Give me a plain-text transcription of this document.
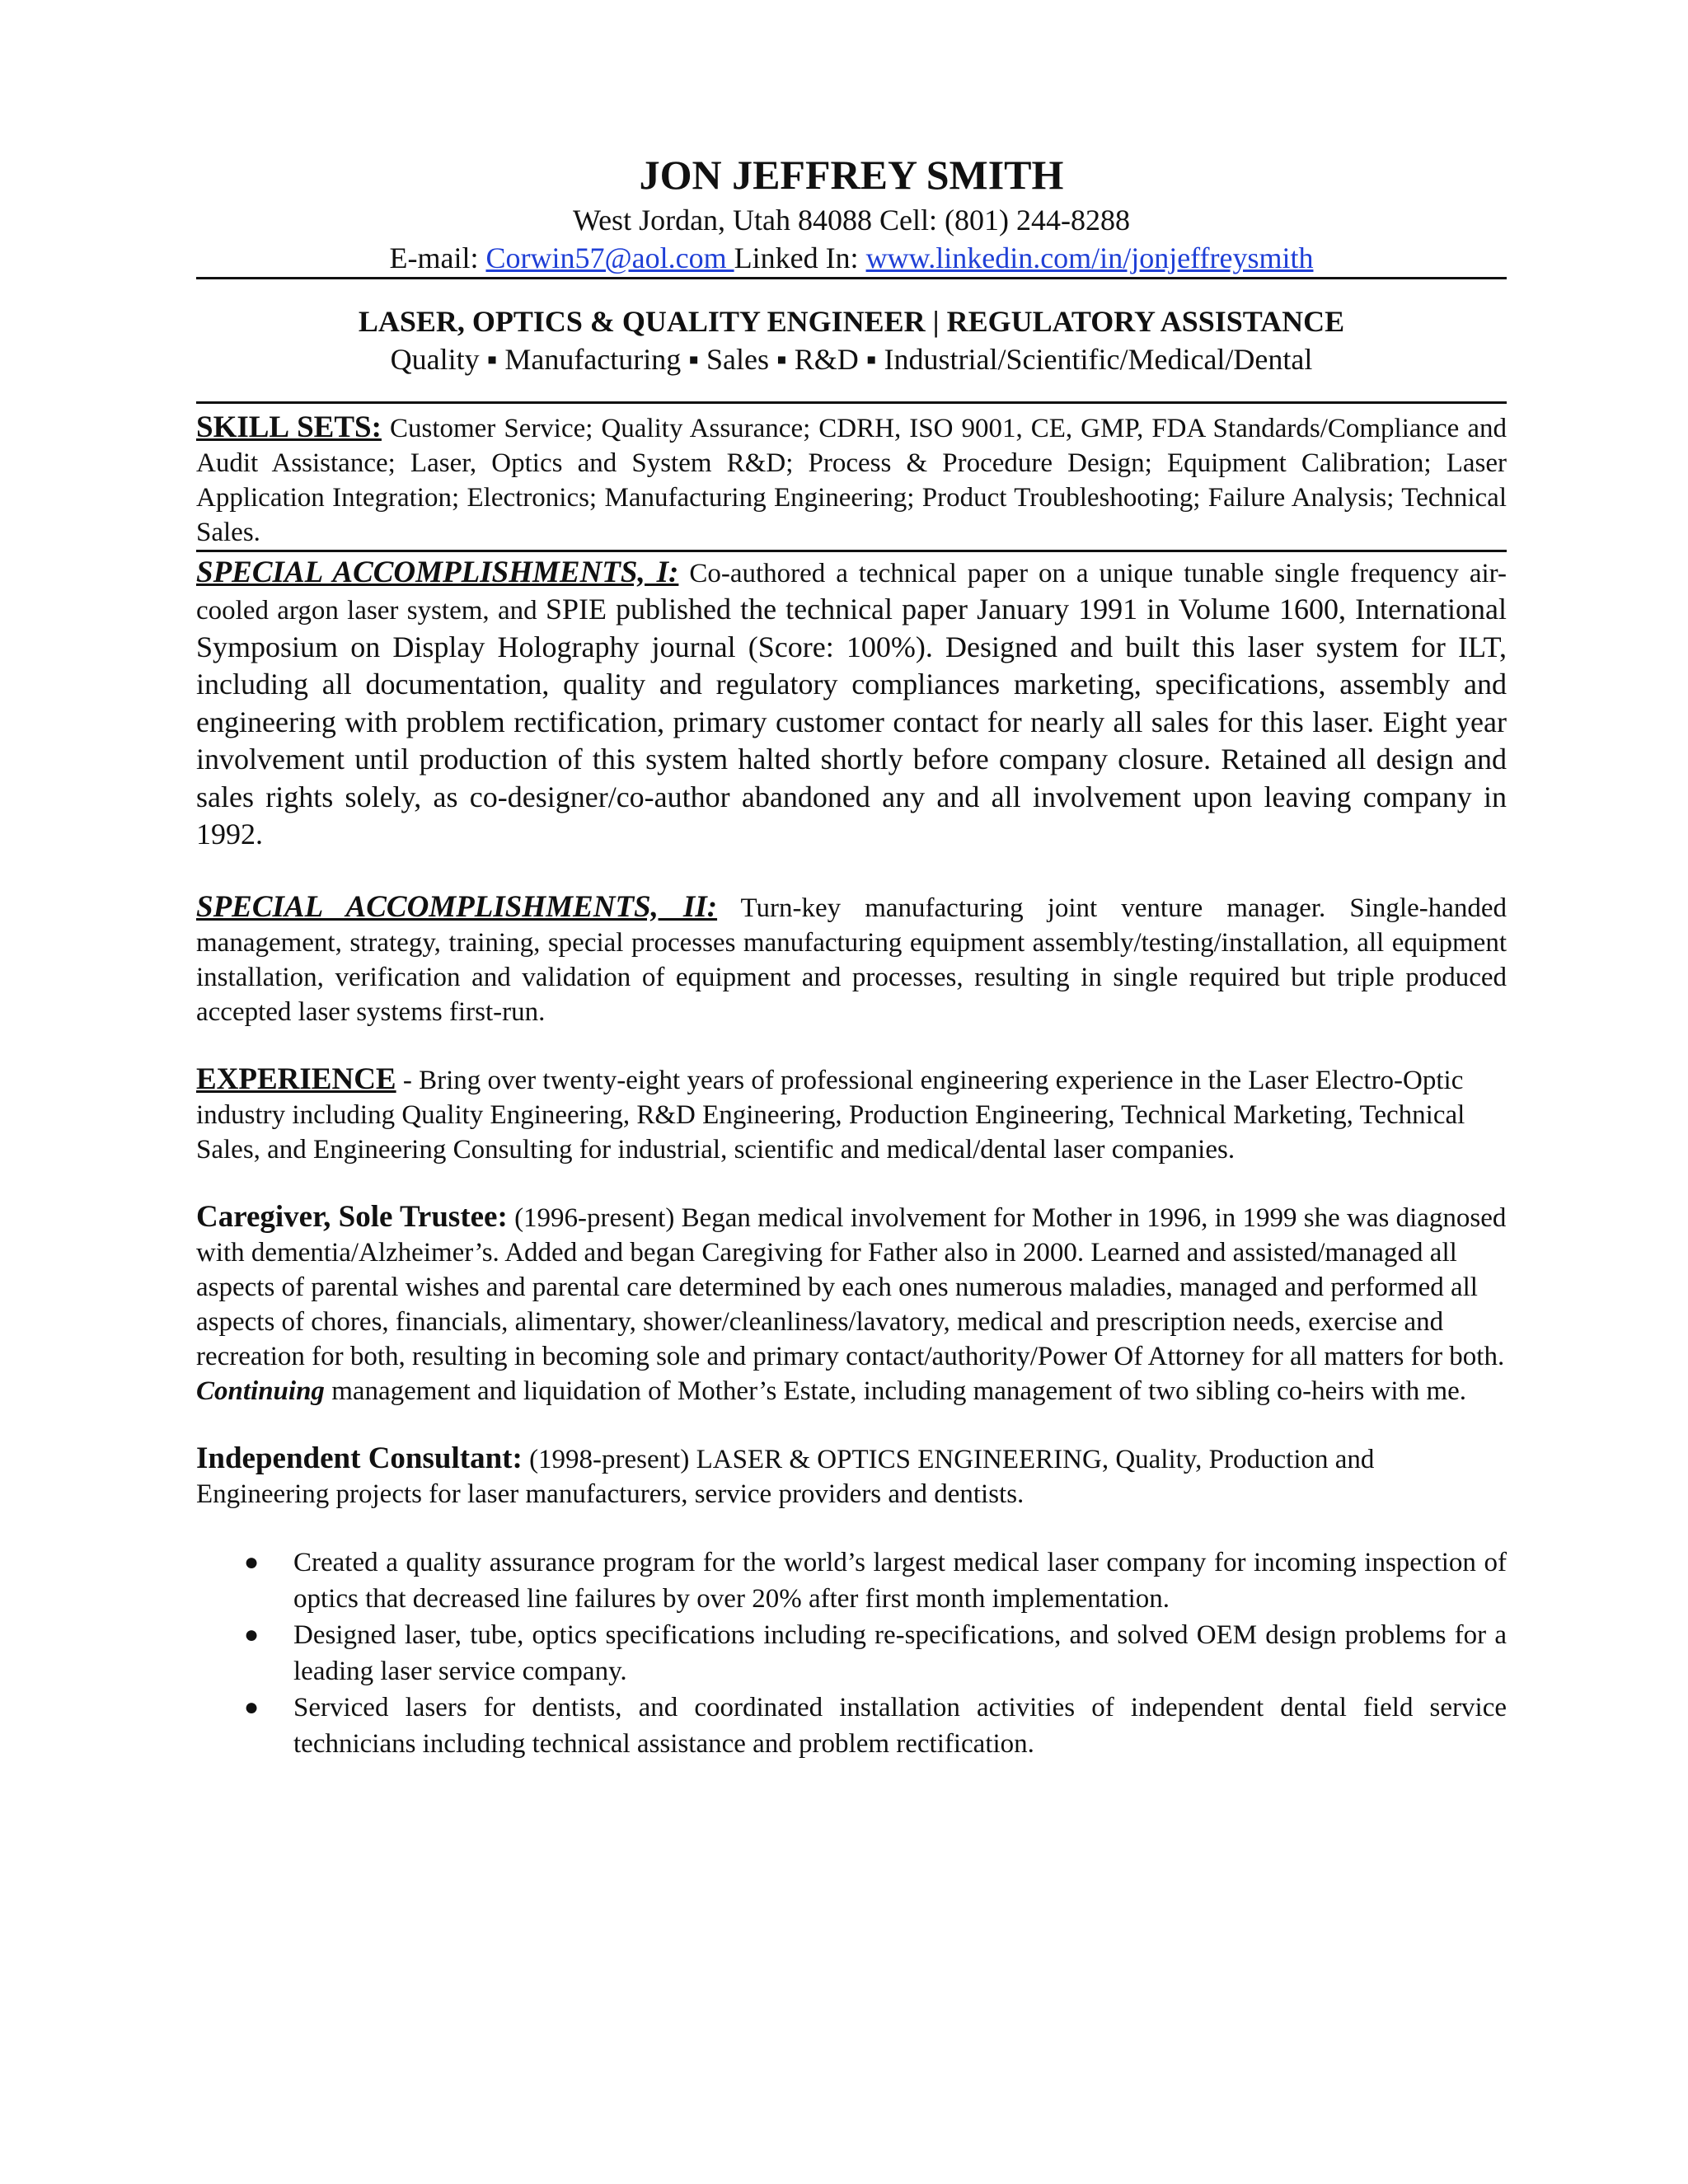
JON JEFFREY SMITH
West Jordan, Utah 84088 Cell: (801) 244-8288
E-mail: Corwin57@aol.com Linked In: www.linkedin.com/in/jonjeffreysmith
LASER, OPTICS & QUALITY ENGINEER | REGULATORY ASSISTANCE
Quality ▪ Manufacturing ▪ Sales ▪ R&D ▪ Industrial/Scientific/Medical/Dental

SKILL SETS: Customer Service; Quality Assurance; CDRH, ISO 9001, CE, GMP, FDA Standards/Compliance and Audit Assistance; Laser, Optics and System R&D; Process & Procedure Design; Equipment Calibration; Laser Application Integration; Electronics; Manufacturing Engineering; Product Troubleshooting; Failure Analysis; Technical Sales.

SPECIAL ACCOMPLISHMENTS, I: Co-authored a technical paper on a unique tunable single frequency air-cooled argon laser system, and SPIE published the technical paper January 1991 in Volume 1600, International Symposium on Display Holography journal (Score: 100%). Designed and built this laser system for ILT, including all documentation, quality and regulatory compliances marketing, specifications, assembly and engineering with problem rectification, primary customer contact for nearly all sales for this laser. Eight year involvement until production of this system halted shortly before company closure. Retained all design and sales rights solely, as co-designer/co-author abandoned any and all involvement upon leaving company in 1992.

SPECIAL ACCOMPLISHMENTS, II: Turn-key manufacturing joint venture manager. Single-handed management, strategy, training, special processes manufacturing equipment assembly/testing/installation, all equipment installation, verification and validation of equipment and processes, resulting in single required but triple produced accepted laser systems first-run.

EXPERIENCE - Bring over twenty-eight years of professional engineering experience in the Laser Electro-Optic industry including Quality Engineering, R&D Engineering, Production Engineering, Technical Marketing, Technical Sales, and Engineering Consulting for industrial, scientific and medical/dental laser companies.

Caregiver, Sole Trustee: (1996-present) Began medical involvement for Mother in 1996, in 1999 she was diagnosed with dementia/Alzheimer’s. Added and began Caregiving for Father also in 2000. Learned and assisted/managed all aspects of parental wishes and parental care determined by each ones numerous maladies, managed and performed all aspects of chores, financials, alimentary, shower/cleanliness/lavatory, medical and prescription needs, exercise and recreation for both, resulting in becoming sole and primary contact/authority/Power Of Attorney for all matters for both. Continuing management and liquidation of Mother’s Estate, including management of two sibling co-heirs with me.

Independent Consultant: (1998-present) LASER & OPTICS ENGINEERING, Quality, Production and Engineering projects for laser manufacturers, service providers and dentists.

● Created a quality assurance program for the world’s largest medical laser company for incoming inspection of optics that decreased line failures by over 20% after first month implementation.
● Designed laser, tube, optics specifications including re-specifications, and solved OEM design problems for a leading laser service company.
● Serviced lasers for dentists, and coordinated installation activities of independent dental field service technicians including technical assistance and problem rectification.
